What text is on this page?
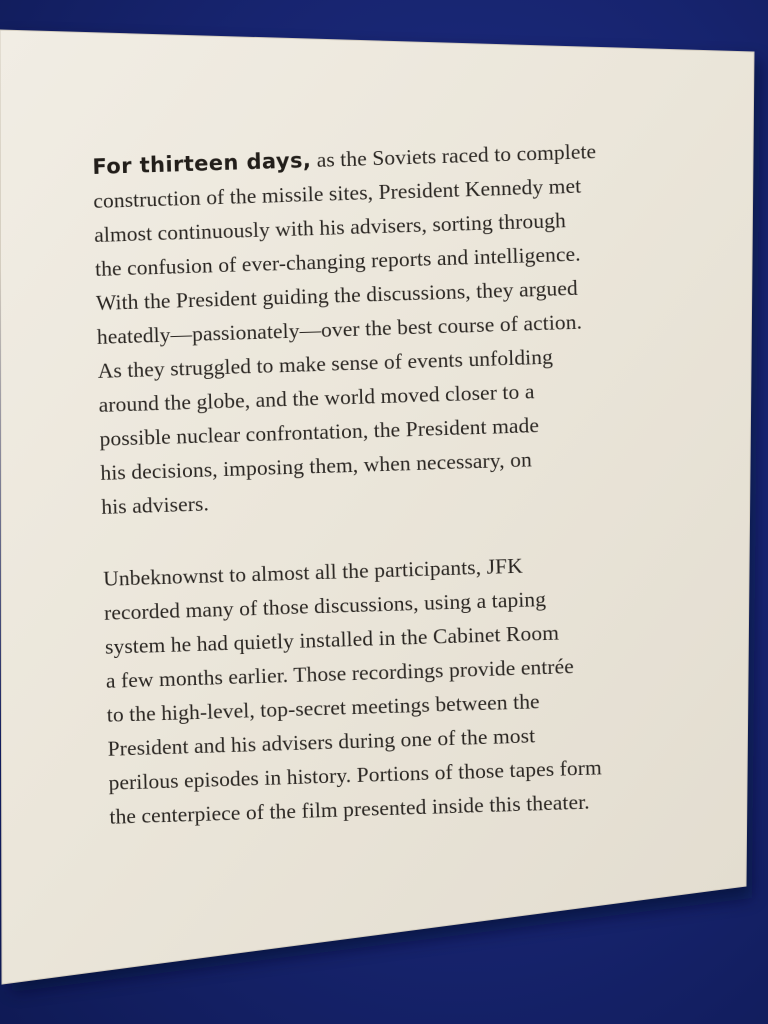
For thirteen days, as the Soviets raced to complete
construction of the missile sites, President Kennedy met
almost continuously with his advisers, sorting through
the confusion of ever-changing reports and intelligence.
With the President guiding the discussions, they argued
heatedly—passionately—over the best course of action.
As they struggled to make sense of events unfolding
around the globe, and the world moved closer to a
possible nuclear confrontation, the President made
his decisions, imposing them, when necessary, on
his advisers.

Unbeknownst to almost all the participants, JFK
recorded many of those discussions, using a taping
system he had quietly installed in the Cabinet Room
a few months earlier. Those recordings provide entrée
to the high-level, top-secret meetings between the
President and his advisers during one of the most
perilous episodes in history. Portions of those tapes form
the centerpiece of the film presented inside this theater.
